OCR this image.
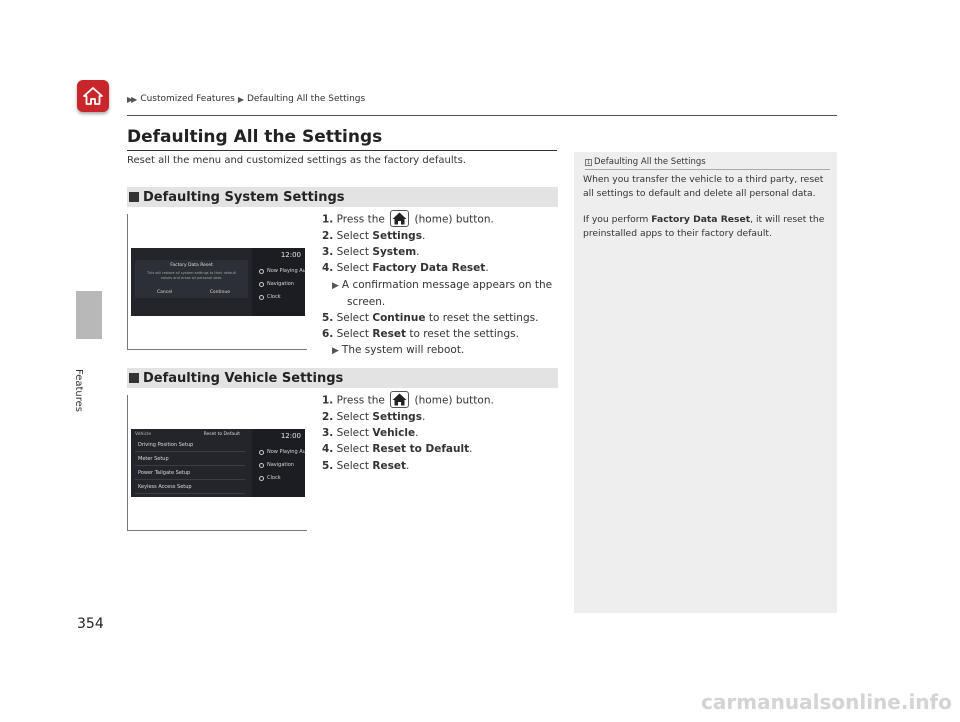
▶▶ Customized Features ▶ Defaulting All the Settings
Features
Defaulting All the Settings
Reset all the menu and customized settings as the factory defaults.
Defaulting System Settings
Factory Data Reset
This will restore all system settings to their default values and erase all personal data.
Cancel	Continue
12:00
Now Playing Au
Navigation
Clock
1. Press the	(home) button.
2. Select Settings.
3. Select System.
4. Select Factory Data Reset.
▶ A confirmation message appears on the
screen.
5. Select Continue to reset the settings.
6. Select Reset to reset the settings.
▶ The system will reboot.
Defaulting Vehicle Settings
Vehicle	Reset to Default
Driving Position Setup
Meter Setup
Power Tailgate Setup
Keyless Access Setup
12:00
Now Playing Au
Navigation
Clock
1. Press the	(home) button.
2. Select Settings.
3. Select Vehicle.
4. Select Reset to Default.
5. Select Reset.
1 Defaulting All the Settings
When you transfer the vehicle to a third party, reset
all settings to default and delete all personal data.
If you perform Factory Data Reset, it will reset the
preinstalled apps to their factory default.
354
carmanualsonline.info
